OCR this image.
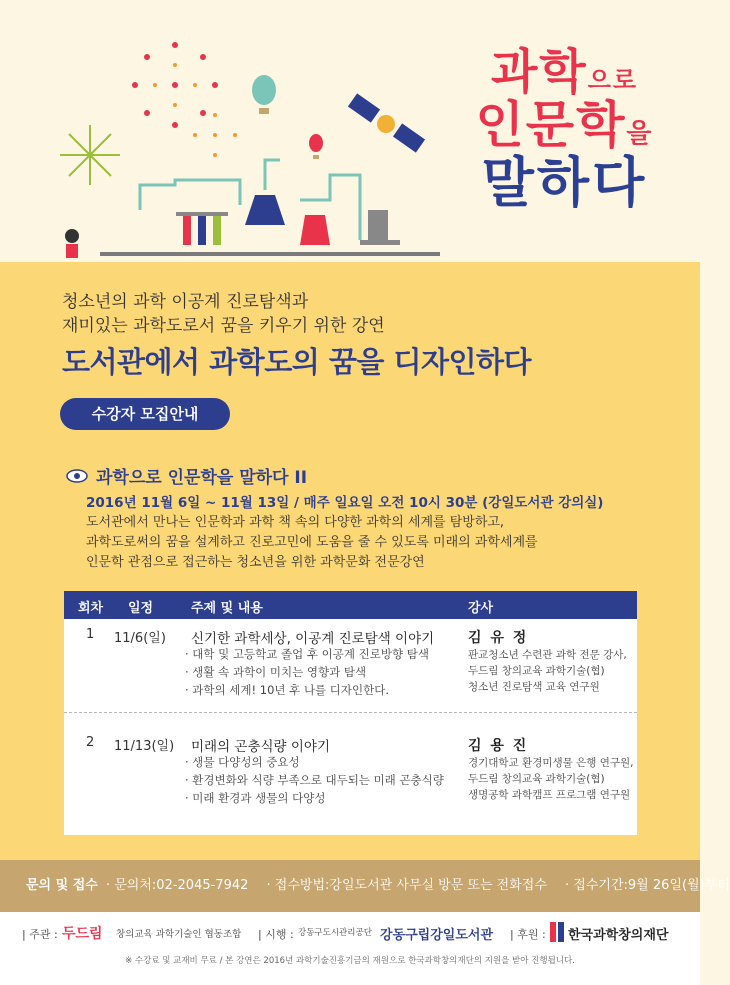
과학으로
인문학을
말하다
청소년의 과학 이공계 진로탐색과
재미있는 과학도로서 꿈을 키우기 위한 강연
도서관에서 과학도의 꿈을 디자인하다
수강자 모집안내
과학으로 인문학을 말하다 II
2016년 11월 6일 ~ 11월 13일 / 매주 일요일 오전 10시 30분 (강일도서관 강의실)
도서관에서 만나는 인문학과 과학 책 속의 다양한 과학의 세계를 탐방하고,
과학도로써의 꿈을 설계하고 진로고민에 도움을 줄 수 있도록 미래의 과학세계를
인문학 관점으로 접근하는 청소년을 위한 과학문화 전문강연
회차 일정	주제 및 내용	강사
1 11/6(일) 신기한 과학세상, 이공계 진로탐색 이야기
· 대학 및 고등학교 졸업 후 이공계 진로방향 탐색
· 생활 속 과학이 미치는 영향과 탐색
· 과학의 세계! 10년 후 나를 디자인한다.
김 유 정
판교청소년 수련관 과학 전문 강사,
두드림 창의교육 과학기술(협)
청소년 진로탐색 교육 연구원
2 11/13(일) 미래의 곤충식량 이야기
· 생물 다양성의 중요성
· 환경변화와 식량 부족으로 대두되는 미래 곤충식량
· 미래 환경과 생물의 다양성
김 용 진
경기대학교 환경미생물 은행 연구원,
두드림 창의교육 과학기술(협)
생명공학 과학캠프 프로그램 연구원
문의 및 접수 · 문의처:02-2045-7942 · 접수방법:강일도서관 사무실 방문 또는 전화접수 · 접수기간:9월 26일(월)부터
| 주관 : 두드림 창의교육 과학기술인 협동조합 | 시행 : 강동구도시관리공단 강동구립강일도서관 | 후원 : 한국과학창의재단
※ 수강료 및 교재비 무료 / 본 강연은 2016년 과학기술진흥기금의 재원으로 한국과학창의재단의 지원을 받아 진행됩니다.
